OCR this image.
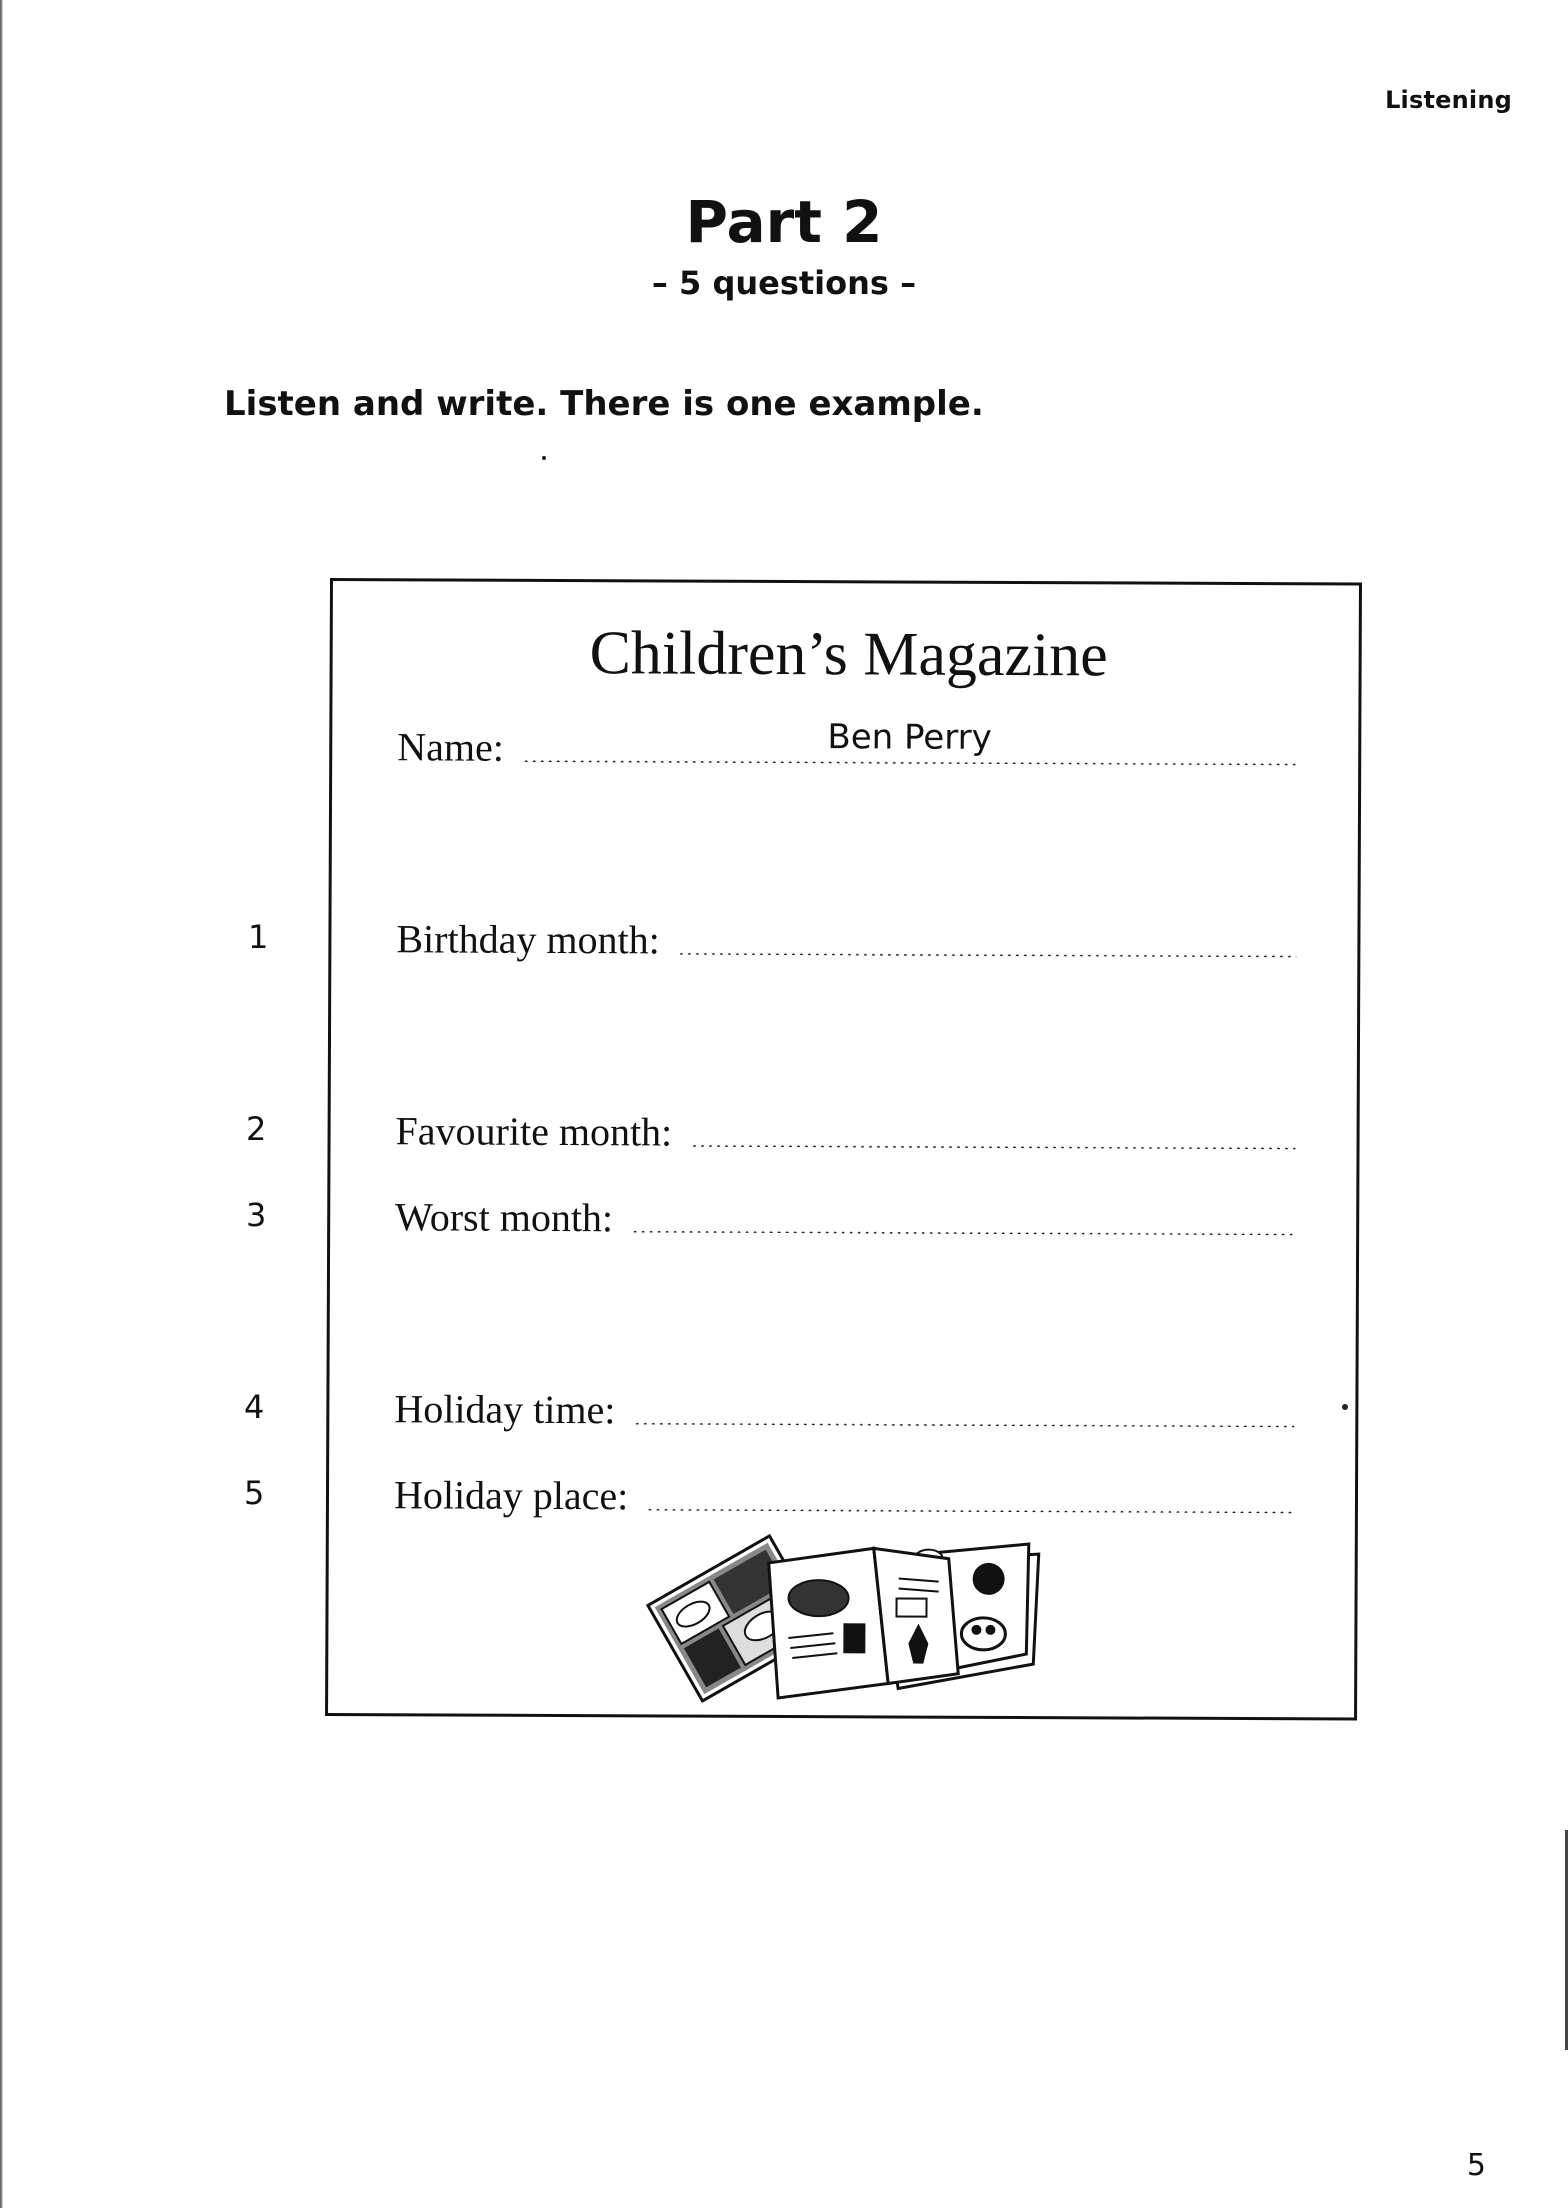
Listening
Part 2
– 5 questions –
Listen and write. There is one example.
1
2
3
4
5
Children’s Magazine
Name:	Ben Perry
Birthday month:
Favourite month:
Worst month:
Holiday time:
Holiday place:
5
